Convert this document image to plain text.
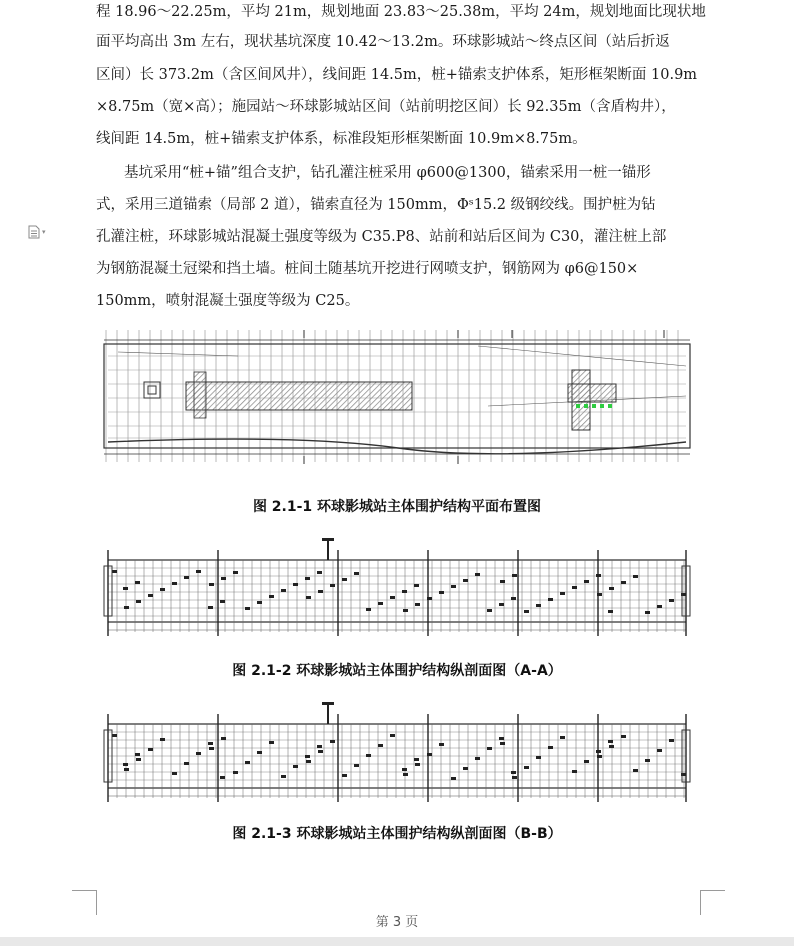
程 18.96～22.25m，平均 21m，规划地面 23.83～25.38m，平均 24m，规划地面比现状地
面平均高出 3m 左右，现状基坑深度 10.42～13.2m。环球影城站～终点区间（站后折返
区间）长 373.2m（含区间风井），线间距 14.5m，桩+锚索支护体系，矩形框架断面 10.9m
×8.75m（宽×高）；施园站～环球影城站区间（站前明挖区间）长 92.35m（含盾构井），
线间距 14.5m，桩+锚索支护体系，标准段矩形框架断面 10.9m×8.75m。
基坑采用“桩+锚”组合支护，钻孔灌注桩采用 φ600@1300，锚索采用一桩一锚形
式，采用三道锚索（局部 2 道），锚索直径为 150mm，Φˢ15.2 级钢绞线。围护桩为钻
孔灌注桩，环球影城站混凝土强度等级为 C35.P8、站前和站后区间为 C30，灌注桩上部
为钢筋混凝土冠梁和挡土墙。桩间土随基坑开挖进行网喷支护，钢筋网为 φ6@150×
150mm，喷射混凝土强度等级为 C25。
▾
图 2.1-1 环球影城站主体围护结构平面布置图
图 2.1-2 环球影城站主体围护结构纵剖面图（A-A）
图 2.1-3 环球影城站主体围护结构纵剖面图（B-B）
第 3 页
